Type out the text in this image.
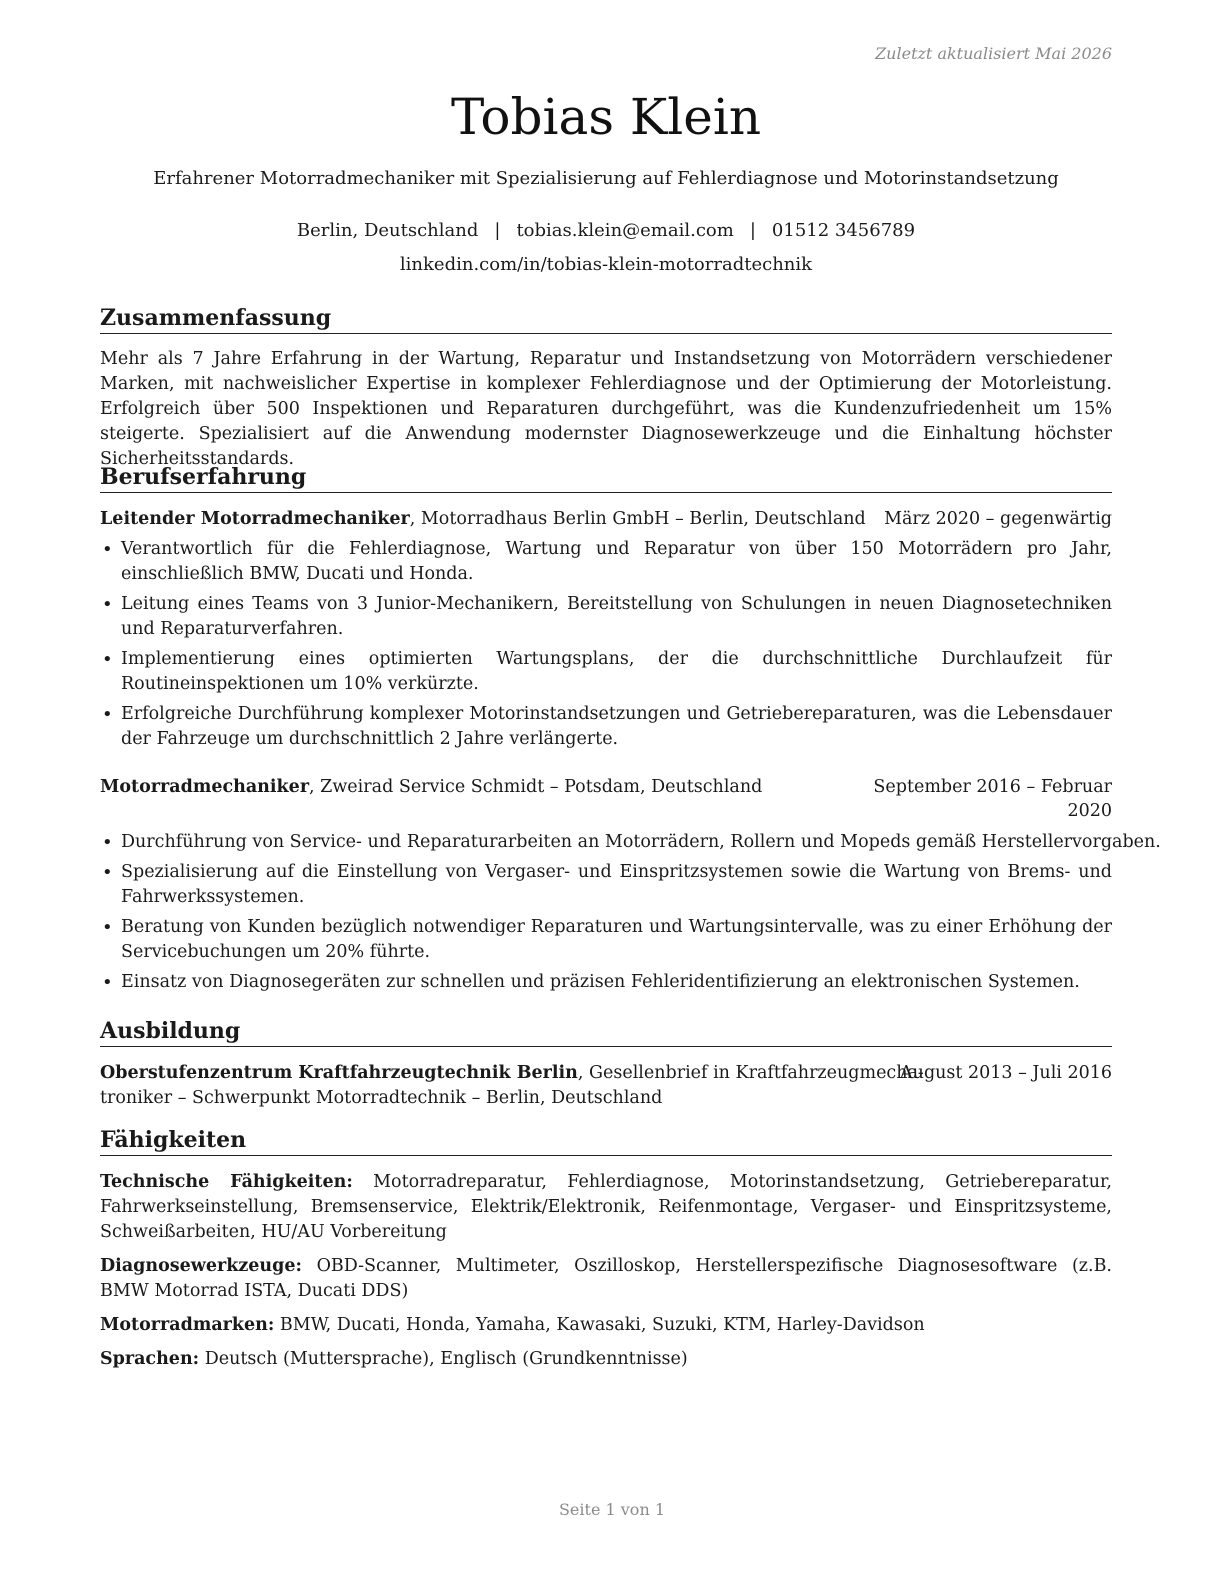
Zuletzt aktualisiert Mai 2026
Tobias Klein
Erfahrener Motorradmechaniker mit Spezialisierung auf Fehlerdiagnose und Motorinstandsetzung
Berlin, Deutschland | tobias.klein@email.com | 01512 3456789
linkedin.com/in/tobias-klein-motorradtechnik
Zusammenfassung
Mehr als 7 Jahre Erfahrung in der Wartung, Reparatur und Instandsetzung von Motorrädern verschiedener Marken, mit nachweislicher Expertise in komplexer Fehlerdiagnose und der Optimierung der Motorleistung. Erfolgreich über 500 Inspektionen und Reparaturen durchgeführt, was die Kundenzufriedenheit um 15% steigerte. Spezialisiert auf die Anwendung modernster Diagnosewerkzeuge und die Einhaltung höchster Sicherheitsstandards.
Berufserfahrung
Leitender Motorradmechaniker, Motorradhaus Berlin GmbH – Berlin, Deutschland März 2020 – gegenwärtig
• Verantwortlich für die Fehlerdiagnose, Wartung und Reparatur von über 150 Motorrädern pro Jahr, einschließlich BMW, Ducati und Honda.
• Leitung eines Teams von 3 Junior-Mechanikern, Bereitstellung von Schulungen in neuen Diagnosetechniken und Reparaturverfahren.
• Implementierung eines optimierten Wartungsplans, der die durchschnittliche Durchlaufzeit für Routineinspektionen um 10% verkürzte.
• Erfolgreiche Durchführung komplexer Motorinstandsetzungen und Getriebereparaturen, was die Lebensdauer der Fahrzeuge um durchschnittlich 2 Jahre verlängerte.
Motorradmechaniker, Zweirad Service Schmidt – Potsdam, Deutschland	September 2016 – Februar
2020
• Durchführung von Service- und Reparaturarbeiten an Motorrädern, Rollern und Mopeds gemäß Herstellervorgaben.
• Spezialisierung auf die Einstellung von Vergaser- und Einspritzsystemen sowie die Wartung von Brems- und Fahrwerkssystemen.
• Beratung von Kunden bezüglich notwendiger Reparaturen und Wartungsintervalle, was zu einer Erhöhung der Servicebuchungen um 20% führte.
• Einsatz von Diagnosegeräten zur schnellen und präzisen Fehleridentifizierung an elektronischen Systemen.
Ausbildung
Oberstufenzentrum Kraftfahrzeugtechnik Berlin, Gesellenbrief in Kraftfahrzeugmecha-
troniker – Schwerpunkt Motorradtechnik – Berlin, Deutschland
August 2013 – Juli 2016
Fähigkeiten
Technische Fähigkeiten: Motorradreparatur, Fehlerdiagnose, Motorinstandsetzung, Getriebereparatur, Fahrwerkseinstellung, Bremsenservice, Elektrik/Elektronik, Reifenmontage, Vergaser- und Einspritzsysteme, Schweißarbeiten, HU/AU Vorbereitung
Diagnosewerkzeuge: OBD-Scanner, Multimeter, Oszilloskop, Herstellerspezifische Diagnosesoftware (z.B. BMW Motorrad ISTA, Ducati DDS)
Motorradmarken: BMW, Ducati, Honda, Yamaha, Kawasaki, Suzuki, KTM, Harley-Davidson
Sprachen: Deutsch (Muttersprache), Englisch (Grundkenntnisse)
Seite 1 von 1
